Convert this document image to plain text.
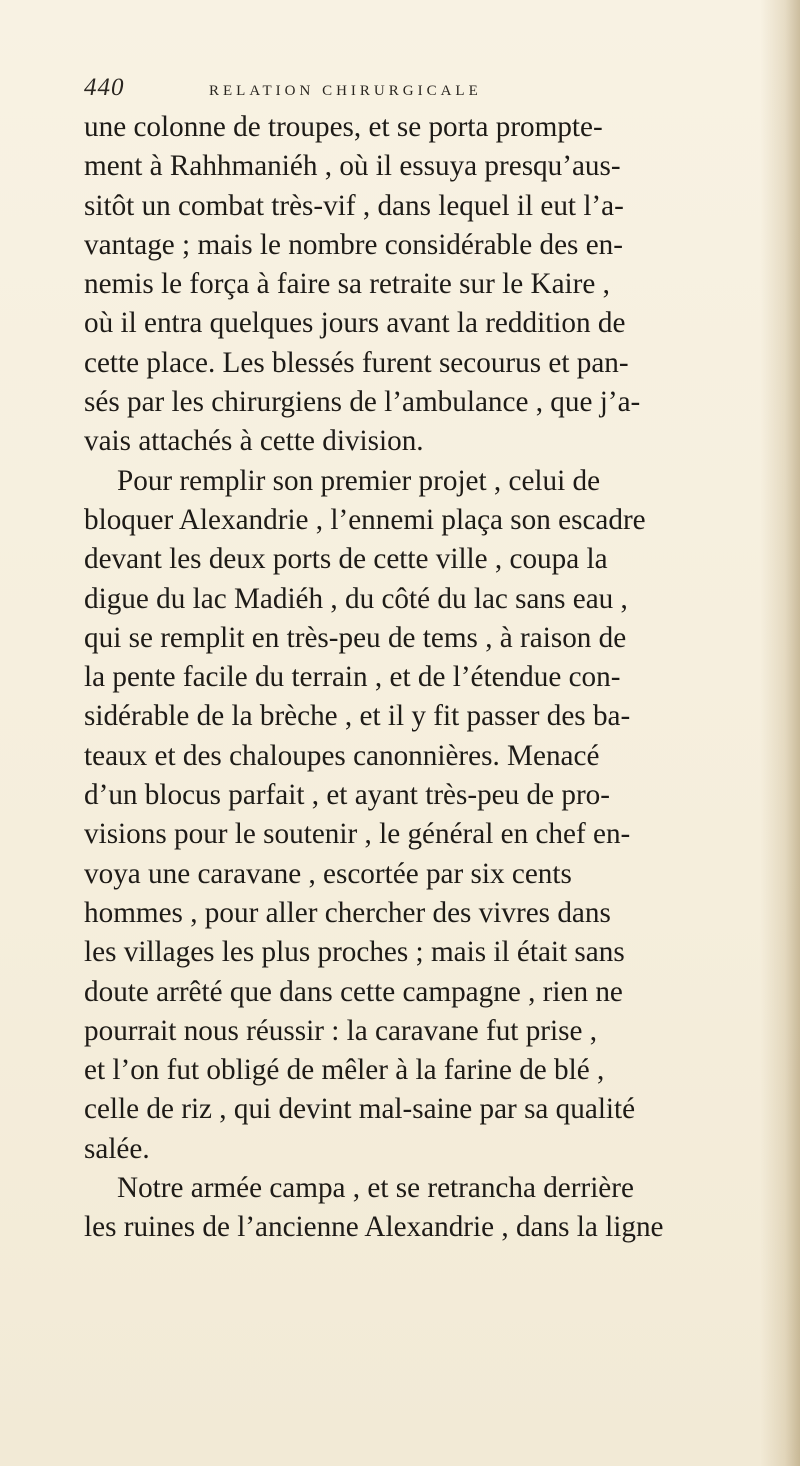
440	RELATION CHIRURGICALE
une colonne de troupes, et se porta prompte-
ment à Rahhmaniéh , où il essuya presqu’aus-
sitôt un combat très-vif , dans lequel il eut l’a-
vantage ; mais le nombre considérable des en-
nemis le força à faire sa retraite sur le Kaire ,
où il entra quelques jours avant la reddition de
cette place. Les blessés furent secourus et pan-
sés par les chirurgiens de l’ambulance , que j’a-
vais attachés à cette division.
Pour remplir son premier projet , celui de
bloquer Alexandrie , l’ennemi plaça son escadre
devant les deux ports de cette ville , coupa la
digue du lac Madiéh , du côté du lac sans eau ,
qui se remplit en très-peu de tems , à raison de
la pente facile du terrain , et de l’étendue con-
sidérable de la brèche , et il y fit passer des ba-
teaux et des chaloupes canonnières. Menacé
d’un blocus parfait , et ayant très-peu de pro-
visions pour le soutenir , le général en chef en-
voya une caravane , escortée par six cents
hommes , pour aller chercher des vivres dans
les villages les plus proches ; mais il était sans
doute arrêté que dans cette campagne , rien ne
pourrait nous réussir : la caravane fut prise ,
et l’on fut obligé de mêler à la farine de blé ,
celle de riz , qui devint mal-saine par sa qualité
salée.
Notre armée campa , et se retrancha derrière
les ruines de l’ancienne Alexandrie , dans la ligne
